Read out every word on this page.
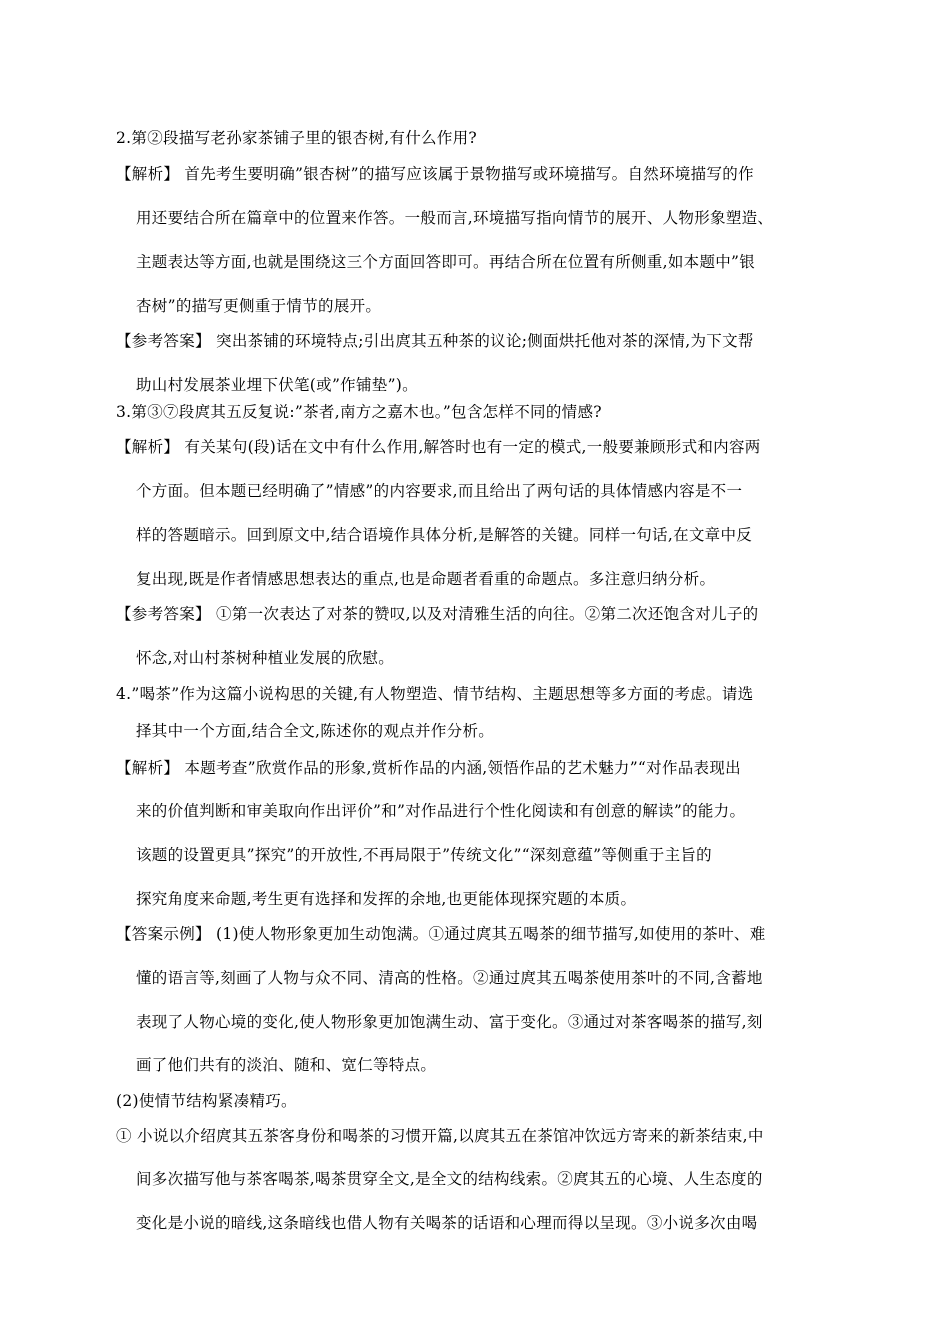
2.第②段描写老孙家茶铺子里的银杏树,有什么作用?
【解析】 首先考生要明确”银杏树”的描写应该属于景物描写或环境描写。自然环境描写的作
用还要结合所在篇章中的位置来作答。一般而言,环境描写指向情节的展开、人物形象塑造、
主题表达等方面,也就是围绕这三个方面回答即可。再结合所在位置有所侧重,如本题中”银
杏树”的描写更侧重于情节的展开。
【参考答案】 突出茶铺的环境特点;引出庹其五种茶的议论;侧面烘托他对茶的深情,为下文帮
助山村发展茶业埋下伏笔(或”作铺垫”)。
3.第③⑦段庹其五反复说:”茶者,南方之嘉木也。”包含怎样不同的情感?
【解析】 有关某句(段)话在文中有什么作用,解答时也有一定的模式,一般要兼顾形式和内容两
个方面。但本题已经明确了”情感”的内容要求,而且给出了两句话的具体情感内容是不一
样的答题暗示。回到原文中,结合语境作具体分析,是解答的关键。同样一句话,在文章中反
复出现,既是作者情感思想表达的重点,也是命题者看重的命题点。多注意归纳分析。
【参考答案】 ①第一次表达了对茶的赞叹,以及对清雅生活的向往。②第二次还饱含对儿子的
怀念,对山村茶树种植业发展的欣慰。
4.”喝茶”作为这篇小说构思的关键,有人物塑造、情节结构、主题思想等多方面的考虑。请选
择其中一个方面,结合全文,陈述你的观点并作分析。
【解析】 本题考查”欣赏作品的形象,赏析作品的内涵,领悟作品的艺术魅力”“对作品表现出
来的价值判断和审美取向作出评价”和”对作品进行个性化阅读和有创意的解读”的能力。
该题的设置更具”探究”的开放性,不再局限于”传统文化”“深刻意蕴”等侧重于主旨的
探究角度来命题,考生更有选择和发挥的余地,也更能体现探究题的本质。
【答案示例】 (1)使人物形象更加生动饱满。①通过庹其五喝茶的细节描写,如使用的茶叶、难
懂的语言等,刻画了人物与众不同、清高的性格。②通过庹其五喝茶使用茶叶的不同,含蓄地
表现了人物心境的变化,使人物形象更加饱满生动、富于变化。③通过对茶客喝茶的描写,刻
画了他们共有的淡泊、随和、宽仁等特点。
(2)使情节结构紧凑精巧。
① 小说以介绍庹其五茶客身份和喝茶的习惯开篇,以庹其五在茶馆冲饮远方寄来的新茶结束,中
间多次描写他与茶客喝茶,喝茶贯穿全文,是全文的结构线索。②庹其五的心境、人生态度的
变化是小说的暗线,这条暗线也借人物有关喝茶的话语和心理而得以呈现。③小说多次由喝
